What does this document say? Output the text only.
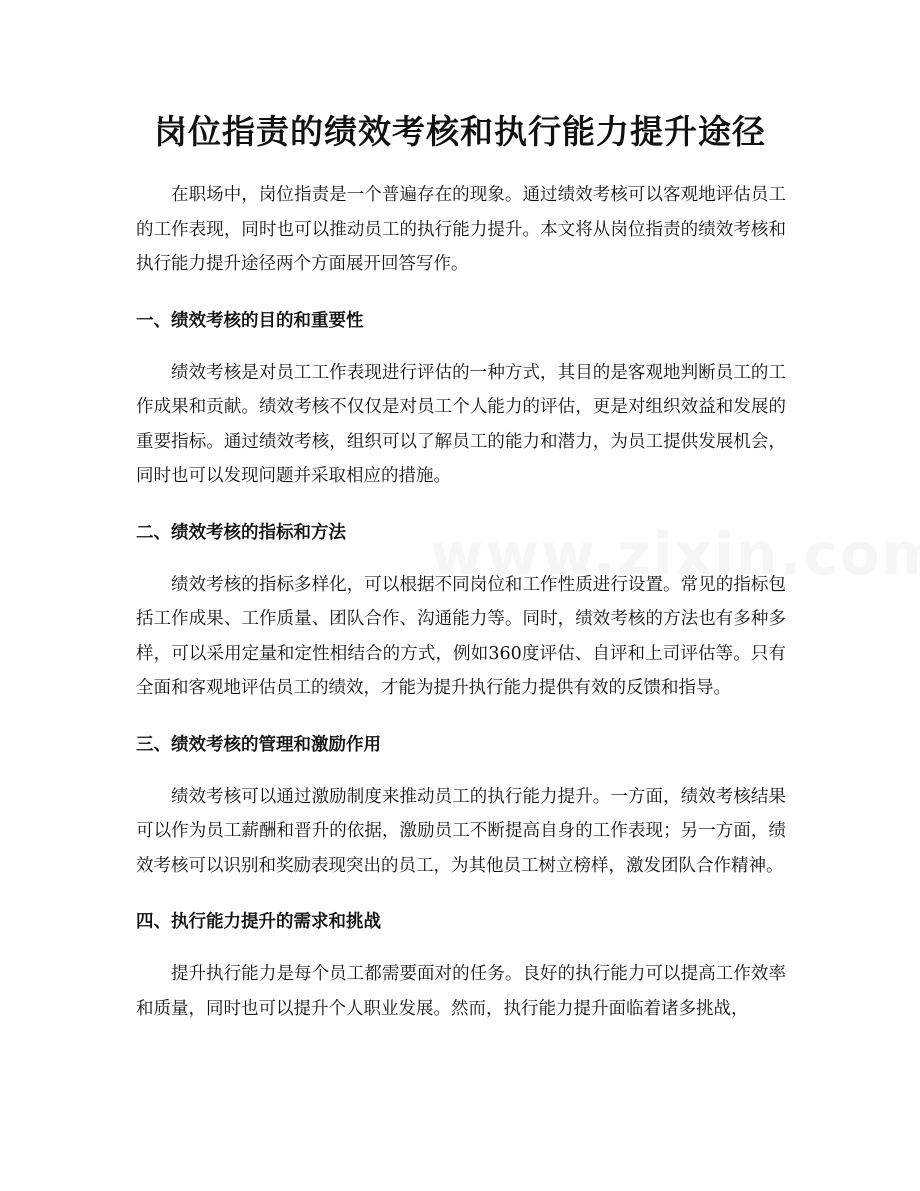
岗位指责的绩效考核和执行能力提升途径

在职场中，岗位指责是一个普遍存在的现象。通过绩效考核可以客观地评估员工的工作表现，同时也可以推动员工的执行能力提升。本文将从岗位指责的绩效考核和执行能力提升途径两个方面展开回答写作。

一、绩效考核的目的和重要性

绩效考核是对员工工作表现进行评估的一种方式，其目的是客观地判断员工的工作成果和贡献。绩效考核不仅仅是对员工个人能力的评估，更是对组织效益和发展的重要指标。通过绩效考核，组织可以了解员工的能力和潜力，为员工提供发展机会，同时也可以发现问题并采取相应的措施。

二、绩效考核的指标和方法

绩效考核的指标多样化，可以根据不同岗位和工作性质进行设置。常见的指标包括工作成果、工作质量、团队合作、沟通能力等。同时，绩效考核的方法也有多种多样，可以采用定量和定性相结合的方式，例如360度评估、自评和上司评估等。只有全面和客观地评估员工的绩效，才能为提升执行能力提供有效的反馈和指导。

三、绩效考核的管理和激励作用

绩效考核可以通过激励制度来推动员工的执行能力提升。一方面，绩效考核结果可以作为员工薪酬和晋升的依据，激励员工不断提高自身的工作表现；另一方面，绩效考核可以识别和奖励表现突出的员工，为其他员工树立榜样，激发团队合作精神。

四、执行能力提升的需求和挑战

提升执行能力是每个员工都需要面对的任务。良好的执行能力可以提高工作效率和质量，同时也可以提升个人职业发展。然而，执行能力提升面临着诸多挑战，
